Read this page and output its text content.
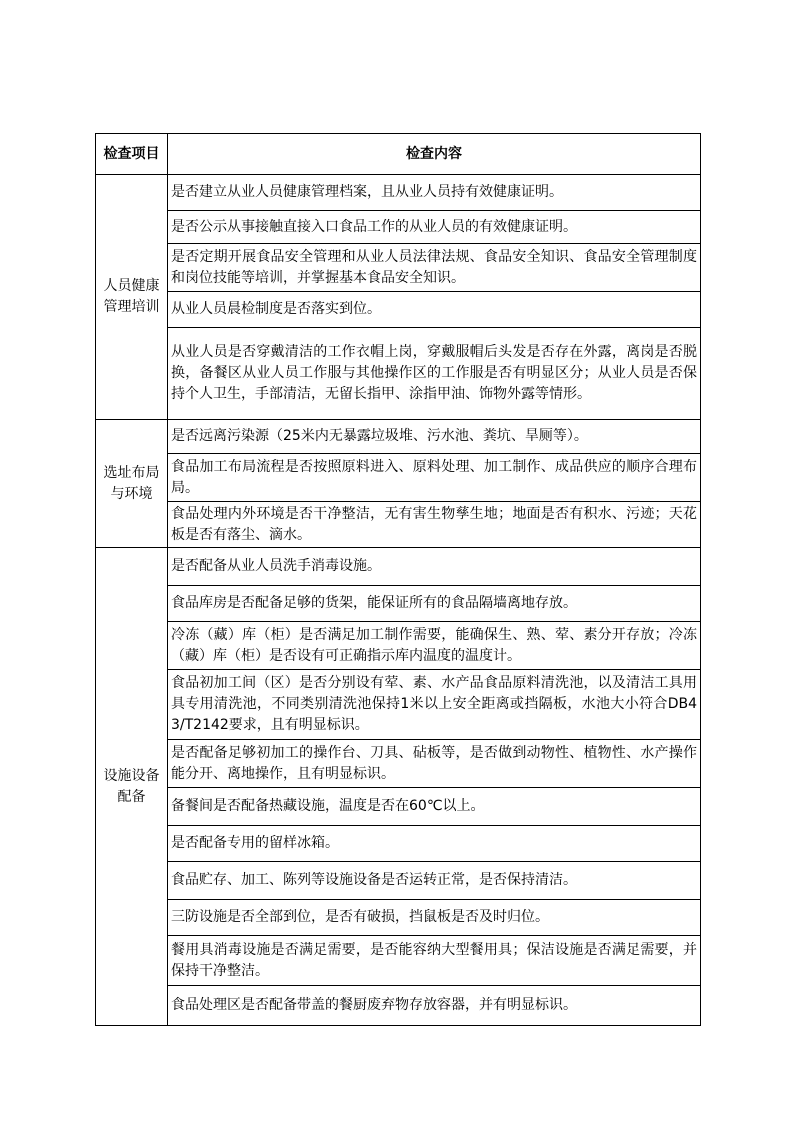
检查项目	检查内容
人员健康管理培训	是否建立从业人员健康管理档案，且从业人员持有效健康证明。
	是否公示从事接触直接入口食品工作的从业人员的有效健康证明。
	是否定期开展食品安全管理和从业人员法律法规、食品安全知识、食品安全管理制度和岗位技能等培训，并掌握基本食品安全知识。
	从业人员晨检制度是否落实到位。
	从业人员是否穿戴清洁的工作衣帽上岗，穿戴服帽后头发是否存在外露，离岗是否脱换，备餐区从业人员工作服与其他操作区的工作服是否有明显区分；从业人员是否保持个人卫生，手部清洁，无留长指甲、涂指甲油、饰物外露等情形。
选址布局与环境	是否远离污染源（25米内无暴露垃圾堆、污水池、粪坑、旱厕等）。
	食品加工布局流程是否按照原料进入、原料处理、加工制作、成品供应的顺序合理布局。
	食品处理内外环境是否干净整洁，无有害生物孳生地；地面是否有积水、污迹；天花板是否有落尘、滴水。
设施设备配备	是否配备从业人员洗手消毒设施。
	食品库房是否配备足够的货架，能保证所有的食品隔墙离地存放。
	冷冻（藏）库（柜）是否满足加工制作需要，能确保生、熟、荤、素分开存放；冷冻（藏）库（柜）是否设有可正确指示库内温度的温度计。
	食品初加工间（区）是否分别设有荤、素、水产品食品原料清洗池，以及清洁工具用具专用清洗池，不同类别清洗池保持1米以上安全距离或挡隔板，水池大小符合DB43/T2142要求，且有明显标识。
	是否配备足够初加工的操作台、刀具、砧板等，是否做到动物性、植物性、水产操作能分开、离地操作，且有明显标识。
	备餐间是否配备热藏设施，温度是否在60℃以上。
	是否配备专用的留样冰箱。
	食品贮存、加工、陈列等设施设备是否运转正常，是否保持清洁。
	三防设施是否全部到位，是否有破损，挡鼠板是否及时归位。
	餐用具消毒设施是否满足需要，是否能容纳大型餐用具；保洁设施是否满足需要，并保持干净整洁。
	食品处理区是否配备带盖的餐厨废弃物存放容器，并有明显标识。
